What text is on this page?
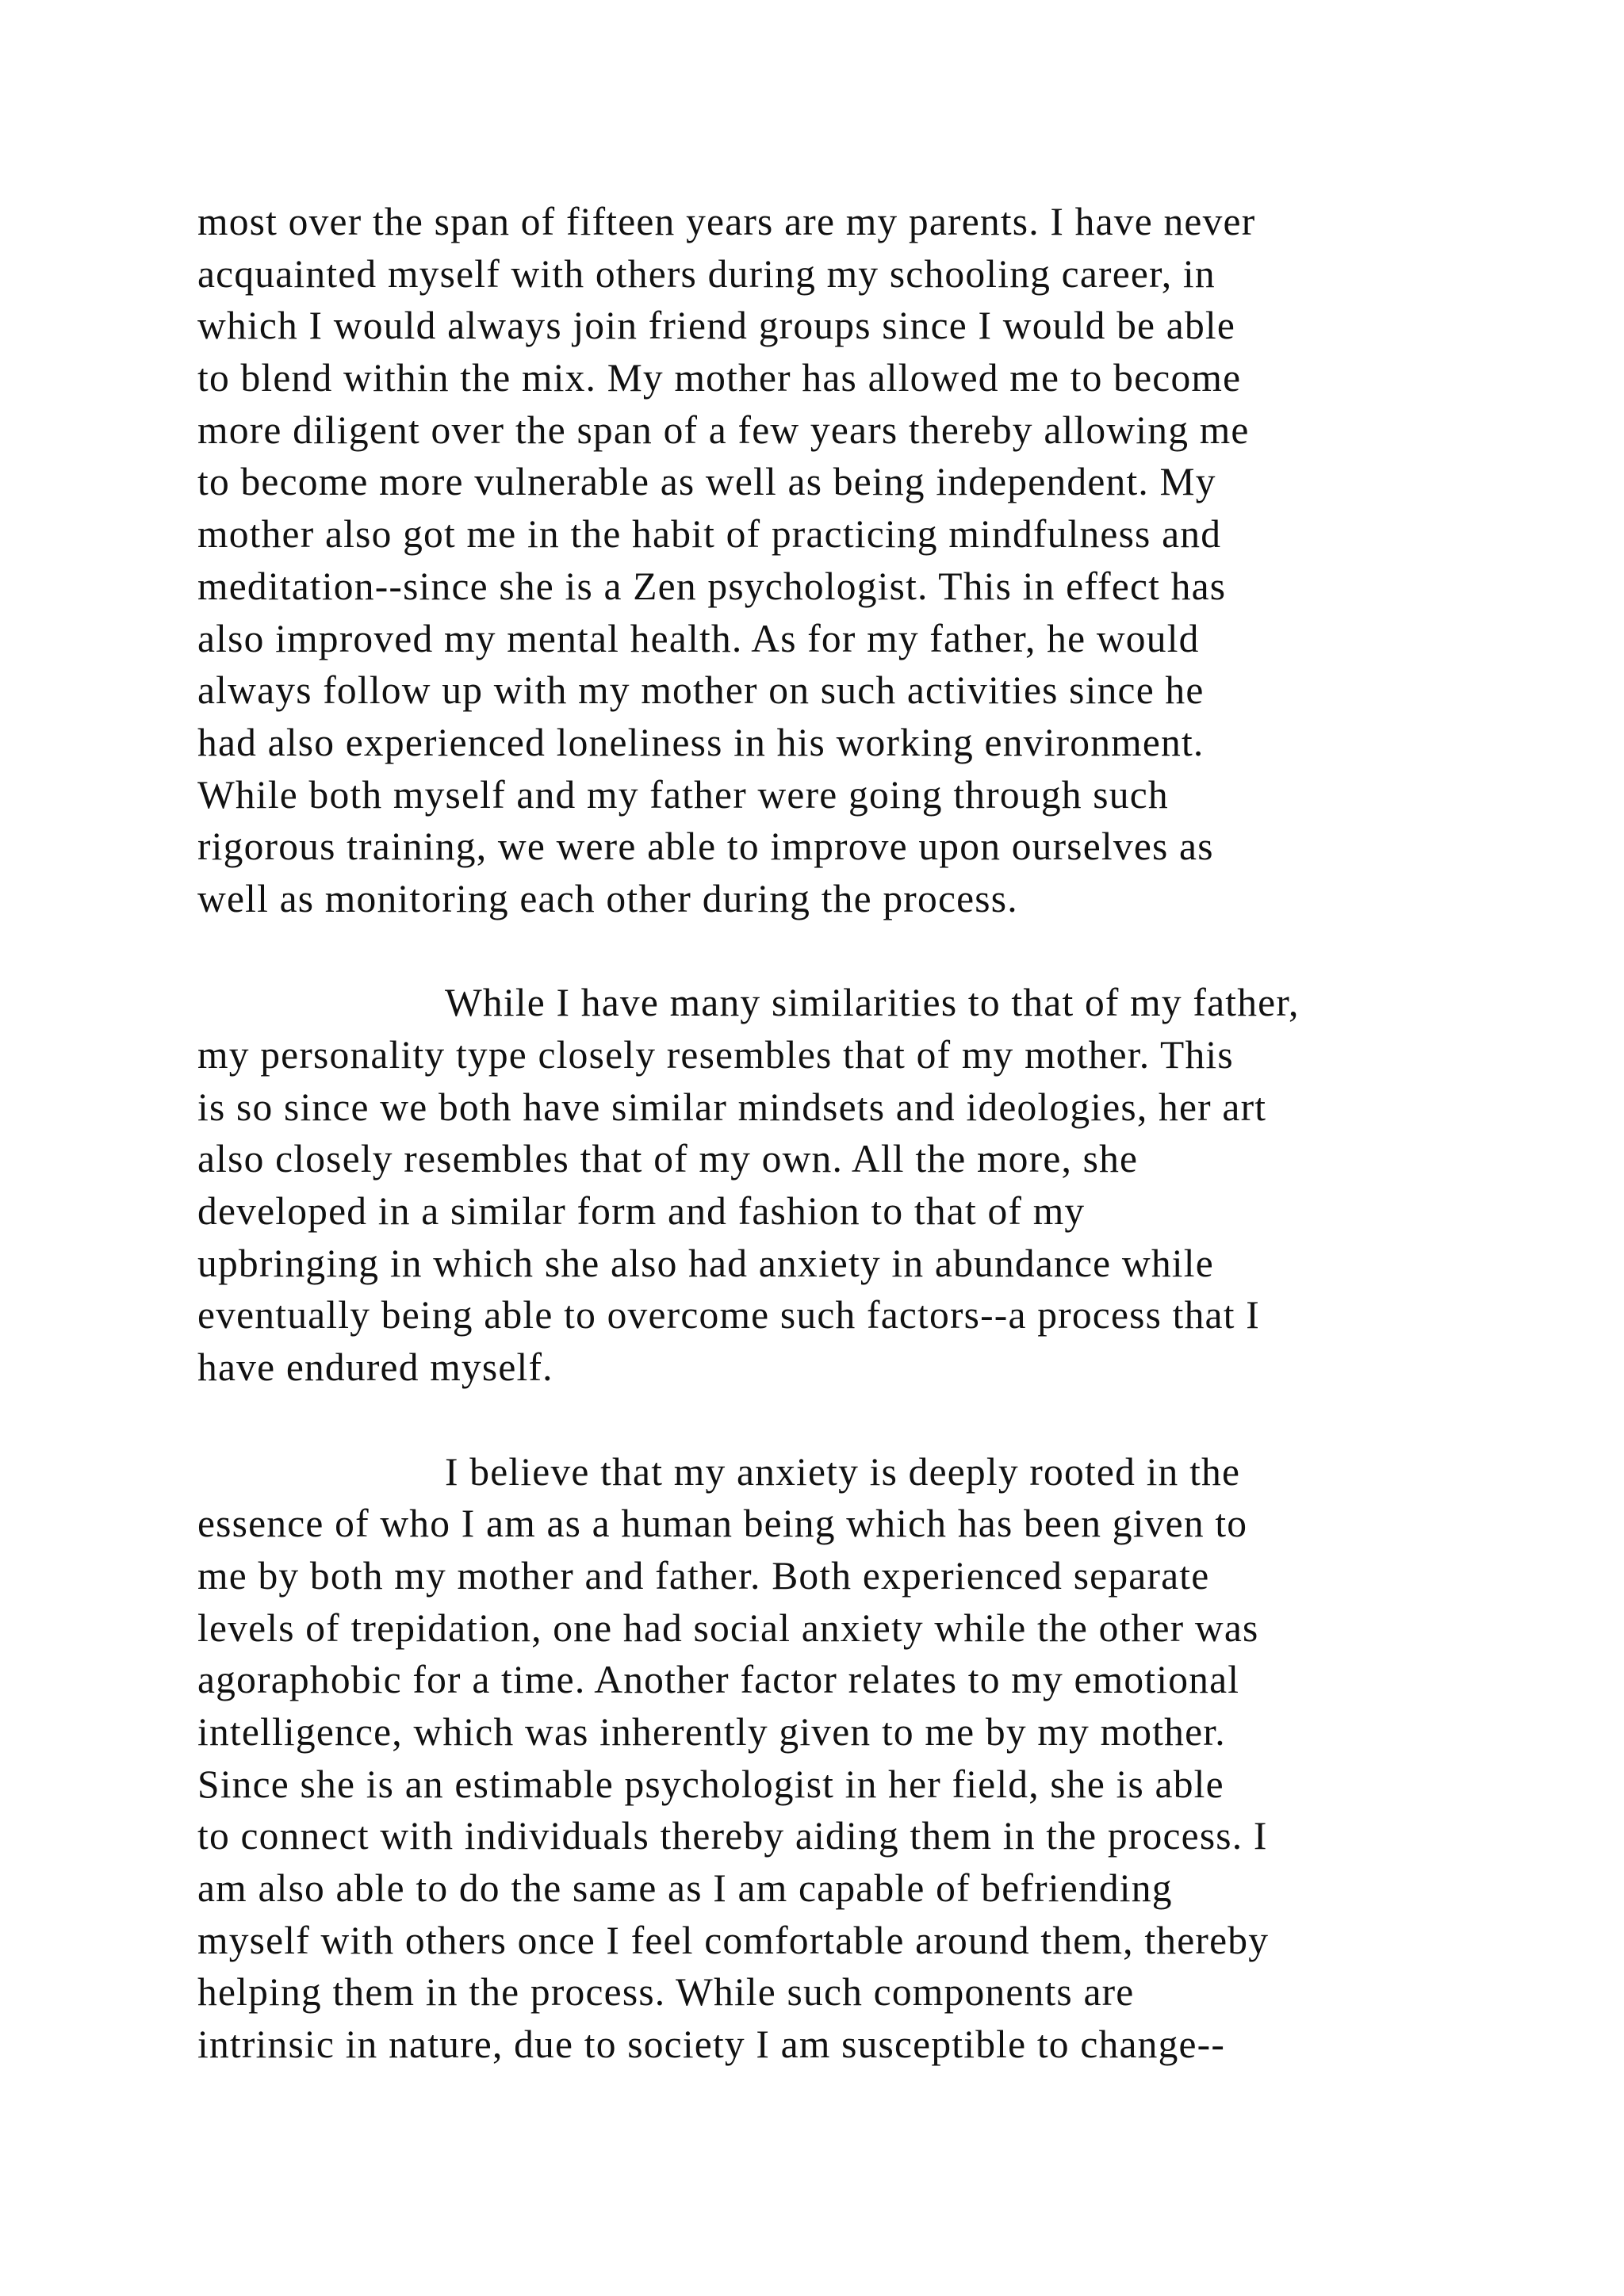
most over the span of fifteen years are my parents. I have never
acquainted myself with others during my schooling career, in
which I would always join friend groups since I would be able
to blend within the mix. My mother has allowed me to become
more diligent over the span of a few years thereby allowing me
to become more vulnerable as well as being independent. My
mother also got me in the habit of practicing mindfulness and
meditation--since she is a Zen psychologist. This in effect has
also improved my mental health. As for my father, he would
always follow up with my mother on such activities since he
had also experienced loneliness in his working environment.
While both myself and my father were going through such
rigorous training, we were able to improve upon ourselves as
well as monitoring each other during the process.
While I have many similarities to that of my father,
my personality type closely resembles that of my mother. This
is so since we both have similar mindsets and ideologies, her art
also closely resembles that of my own. All the more, she
developed in a similar form and fashion to that of my
upbringing in which she also had anxiety in abundance while
eventually being able to overcome such factors--a process that I
have endured myself.
I believe that my anxiety is deeply rooted in the
essence of who I am as a human being which has been given to
me by both my mother and father. Both experienced separate
levels of trepidation, one had social anxiety while the other was
agoraphobic for a time. Another factor relates to my emotional
intelligence, which was inherently given to me by my mother.
Since she is an estimable psychologist in her field, she is able
to connect with individuals thereby aiding them in the process. I
am also able to do the same as I am capable of befriending
myself with others once I feel comfortable around them, thereby
helping them in the process. While such components are
intrinsic in nature, due to society I am susceptible to change--
